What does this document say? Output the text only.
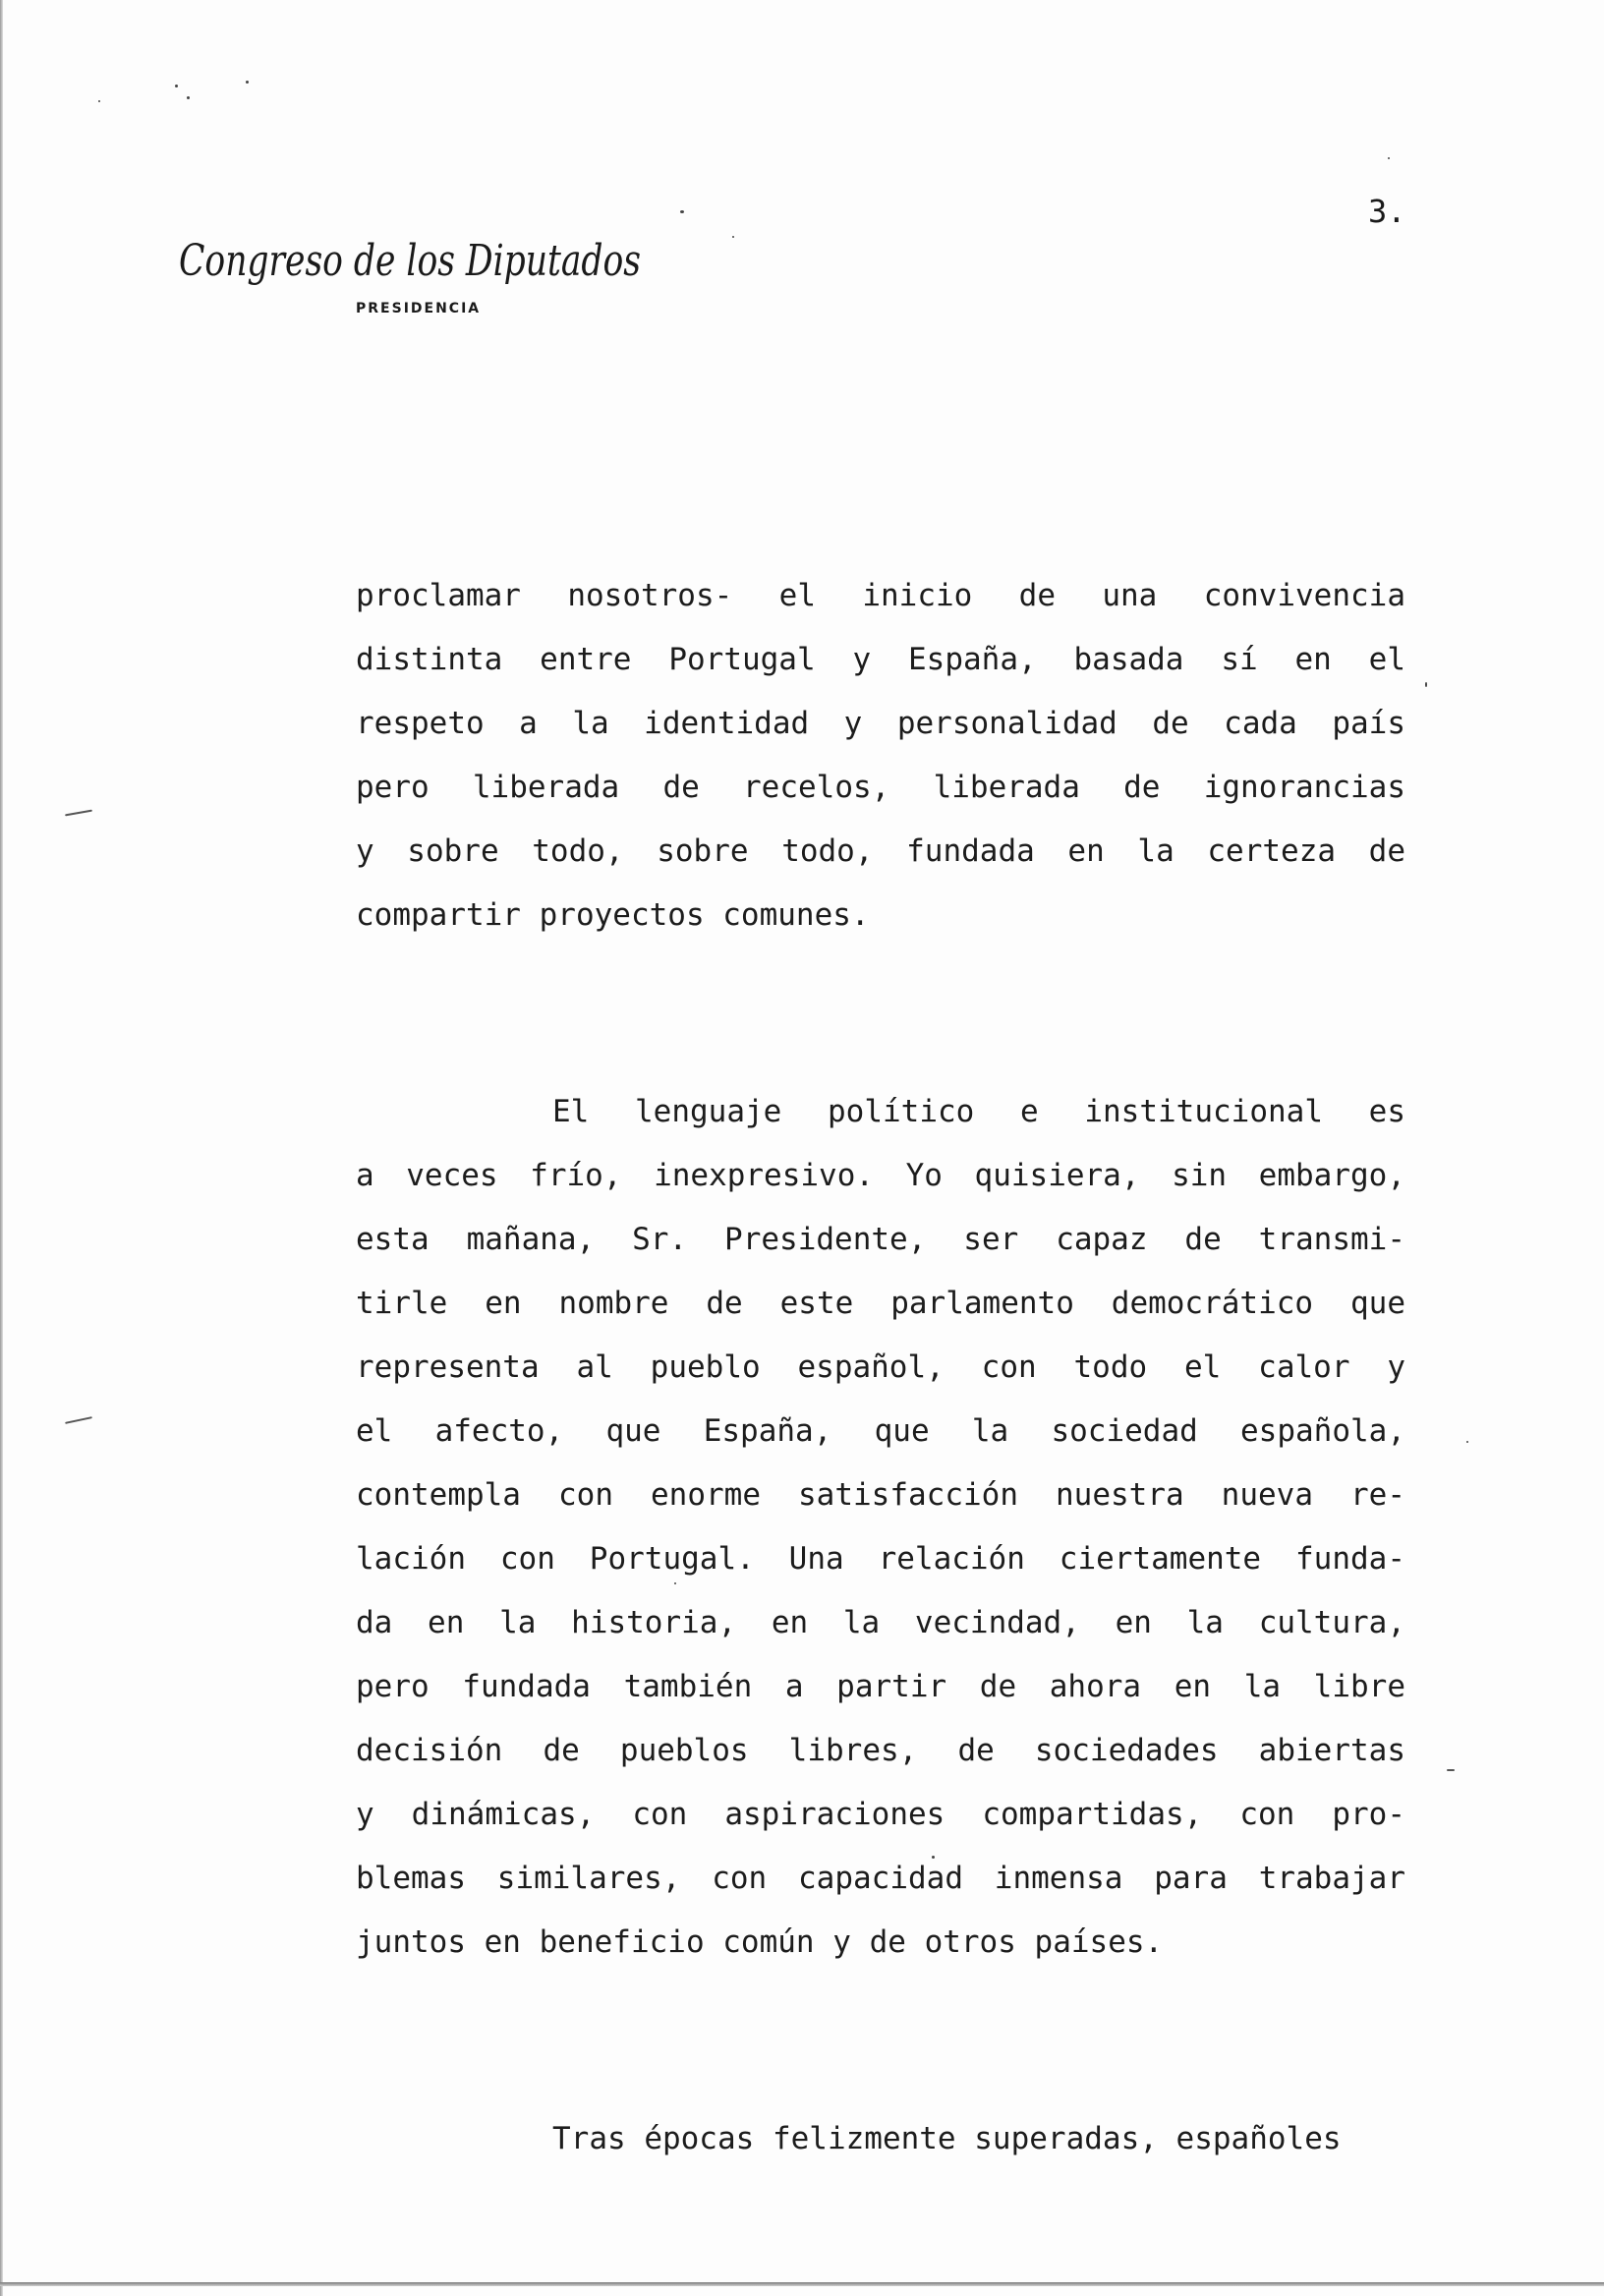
Congreso de los Diputados
PRESIDENCIA
3.
proclamar nosotros- el inicio de una convivencia
distinta entre Portugal y España, basada sí en el
respeto a la identidad y personalidad de cada país
pero liberada de recelos, liberada de ignorancias
y sobre todo, sobre todo, fundada en la certeza de
compartir proyectos comunes.
El lenguaje político e institucional es
a veces frío, inexpresivo. Yo quisiera, sin embargo,
esta mañana, Sr. Presidente, ser capaz de transmi-
tirle en nombre de este parlamento democrático que
representa al pueblo español, con todo el calor y
el afecto, que España, que la sociedad española,
contempla con enorme satisfacción nuestra nueva re-
lación con Portugal. Una relación ciertamente funda-
da en la historia, en la vecindad, en la cultura,
pero fundada también a partir de ahora en la libre
decisión de pueblos libres, de sociedades abiertas
y dinámicas, con aspiraciones compartidas, con pro-
blemas similares, con capacidad inmensa para trabajar
juntos en beneficio común y de otros países.
Tras épocas felizmente superadas, españoles
